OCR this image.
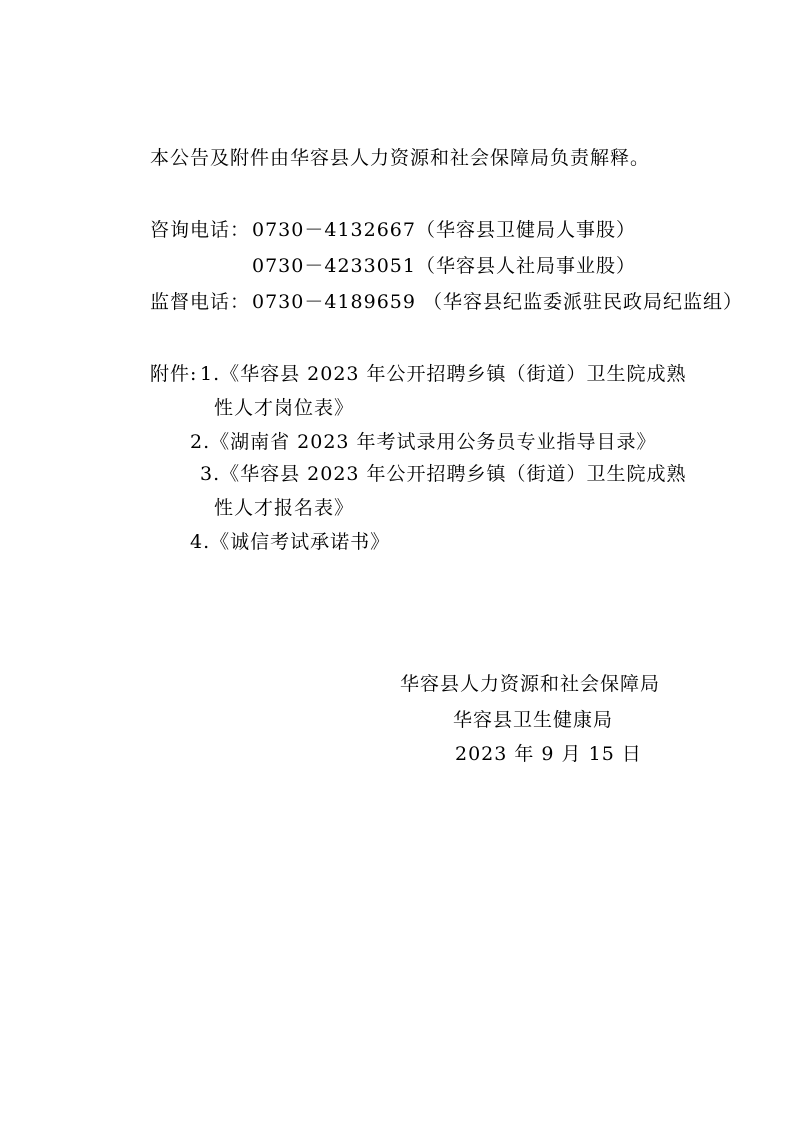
本公告及附件由华容县人力资源和社会保障局负责解释。
咨询电话： 0730－4132667（华容县卫健局人事股）
0730－4233051（华容县人社局事业股）
监督电话： 0730－4189659 （华容县纪监委派驻民政局纪监组）
附件: 1.《华容县 2023 年公开招聘乡镇（街道）卫生院成熟
性人才岗位表》
2.《湖南省 2023 年考试录用公务员专业指导目录》
3.《华容县 2023 年公开招聘乡镇（街道）卫生院成熟
性人才报名表》
4.《诚信考试承诺书》
华容县人力资源和社会保障局
华容县卫生健康局
2023 年 9 月 15 日
